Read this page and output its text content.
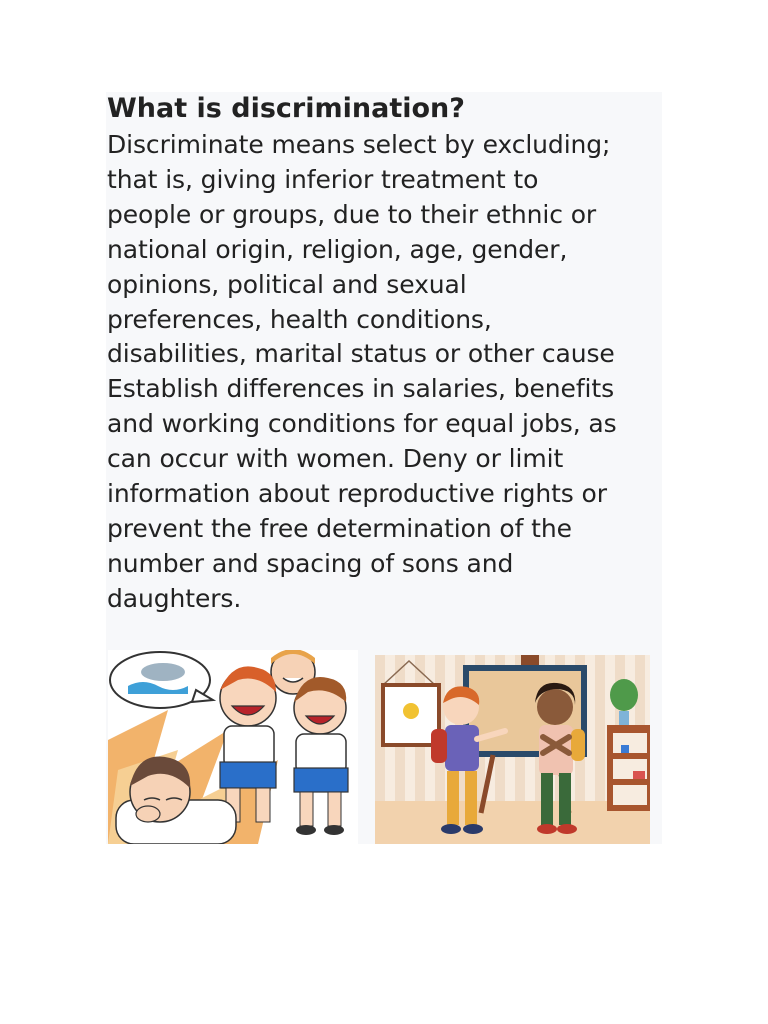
What is discrimination?

Discriminate means select by excluding;
that is, giving inferior treatment to
people or groups, due to their ethnic or
national origin, religion, age, gender,
opinions, political and sexual
preferences, health conditions,
disabilities, marital status or other cause
Establish differences in salaries, benefits
and working conditions for equal jobs, as
can occur with women. Deny or limit
information about reproductive rights or
prevent the free determination of the
number and spacing of sons and
daughters.
